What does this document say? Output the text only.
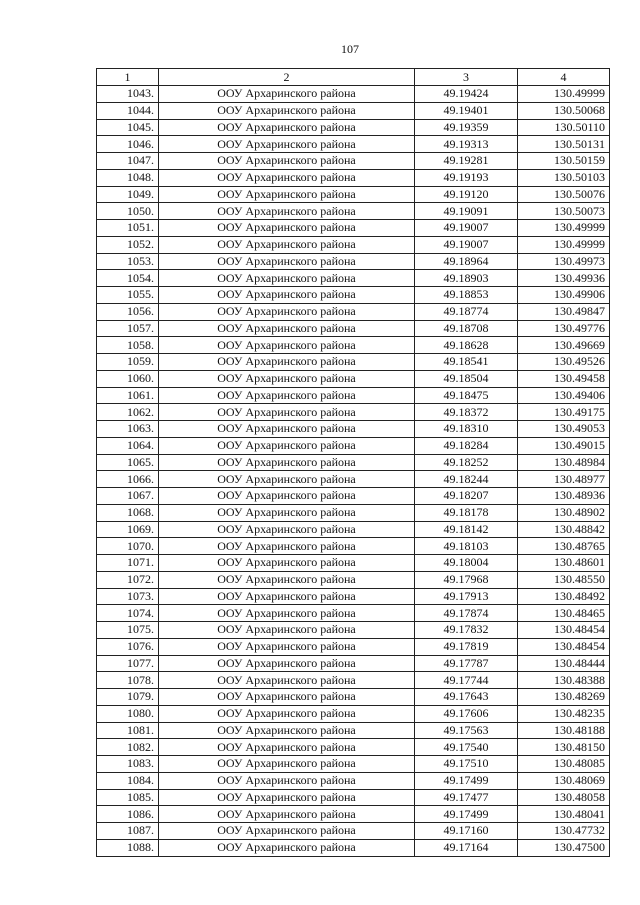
107
1	2	3	4
1043.	ООУ Архаринского района	49.19424	130.49999
1044.	ООУ Архаринского района	49.19401	130.50068
1045.	ООУ Архаринского района	49.19359	130.50110
1046.	ООУ Архаринского района	49.19313	130.50131
1047.	ООУ Архаринского района	49.19281	130.50159
1048.	ООУ Архаринского района	49.19193	130.50103
1049.	ООУ Архаринского района	49.19120	130.50076
1050.	ООУ Архаринского района	49.19091	130.50073
1051.	ООУ Архаринского района	49.19007	130.49999
1052.	ООУ Архаринского района	49.19007	130.49999
1053.	ООУ Архаринского района	49.18964	130.49973
1054.	ООУ Архаринского района	49.18903	130.49936
1055.	ООУ Архаринского района	49.18853	130.49906
1056.	ООУ Архаринского района	49.18774	130.49847
1057.	ООУ Архаринского района	49.18708	130.49776
1058.	ООУ Архаринского района	49.18628	130.49669
1059.	ООУ Архаринского района	49.18541	130.49526
1060.	ООУ Архаринского района	49.18504	130.49458
1061.	ООУ Архаринского района	49.18475	130.49406
1062.	ООУ Архаринского района	49.18372	130.49175
1063.	ООУ Архаринского района	49.18310	130.49053
1064.	ООУ Архаринского района	49.18284	130.49015
1065.	ООУ Архаринского района	49.18252	130.48984
1066.	ООУ Архаринского района	49.18244	130.48977
1067.	ООУ Архаринского района	49.18207	130.48936
1068.	ООУ Архаринского района	49.18178	130.48902
1069.	ООУ Архаринского района	49.18142	130.48842
1070.	ООУ Архаринского района	49.18103	130.48765
1071.	ООУ Архаринского района	49.18004	130.48601
1072.	ООУ Архаринского района	49.17968	130.48550
1073.	ООУ Архаринского района	49.17913	130.48492
1074.	ООУ Архаринского района	49.17874	130.48465
1075.	ООУ Архаринского района	49.17832	130.48454
1076.	ООУ Архаринского района	49.17819	130.48454
1077.	ООУ Архаринского района	49.17787	130.48444
1078.	ООУ Архаринского района	49.17744	130.48388
1079.	ООУ Архаринского района	49.17643	130.48269
1080.	ООУ Архаринского района	49.17606	130.48235
1081.	ООУ Архаринского района	49.17563	130.48188
1082.	ООУ Архаринского района	49.17540	130.48150
1083.	ООУ Архаринского района	49.17510	130.48085
1084.	ООУ Архаринского района	49.17499	130.48069
1085.	ООУ Архаринского района	49.17477	130.48058
1086.	ООУ Архаринского района	49.17499	130.48041
1087.	ООУ Архаринского района	49.17160	130.47732
1088.	ООУ Архаринского района	49.17164	130.47500
